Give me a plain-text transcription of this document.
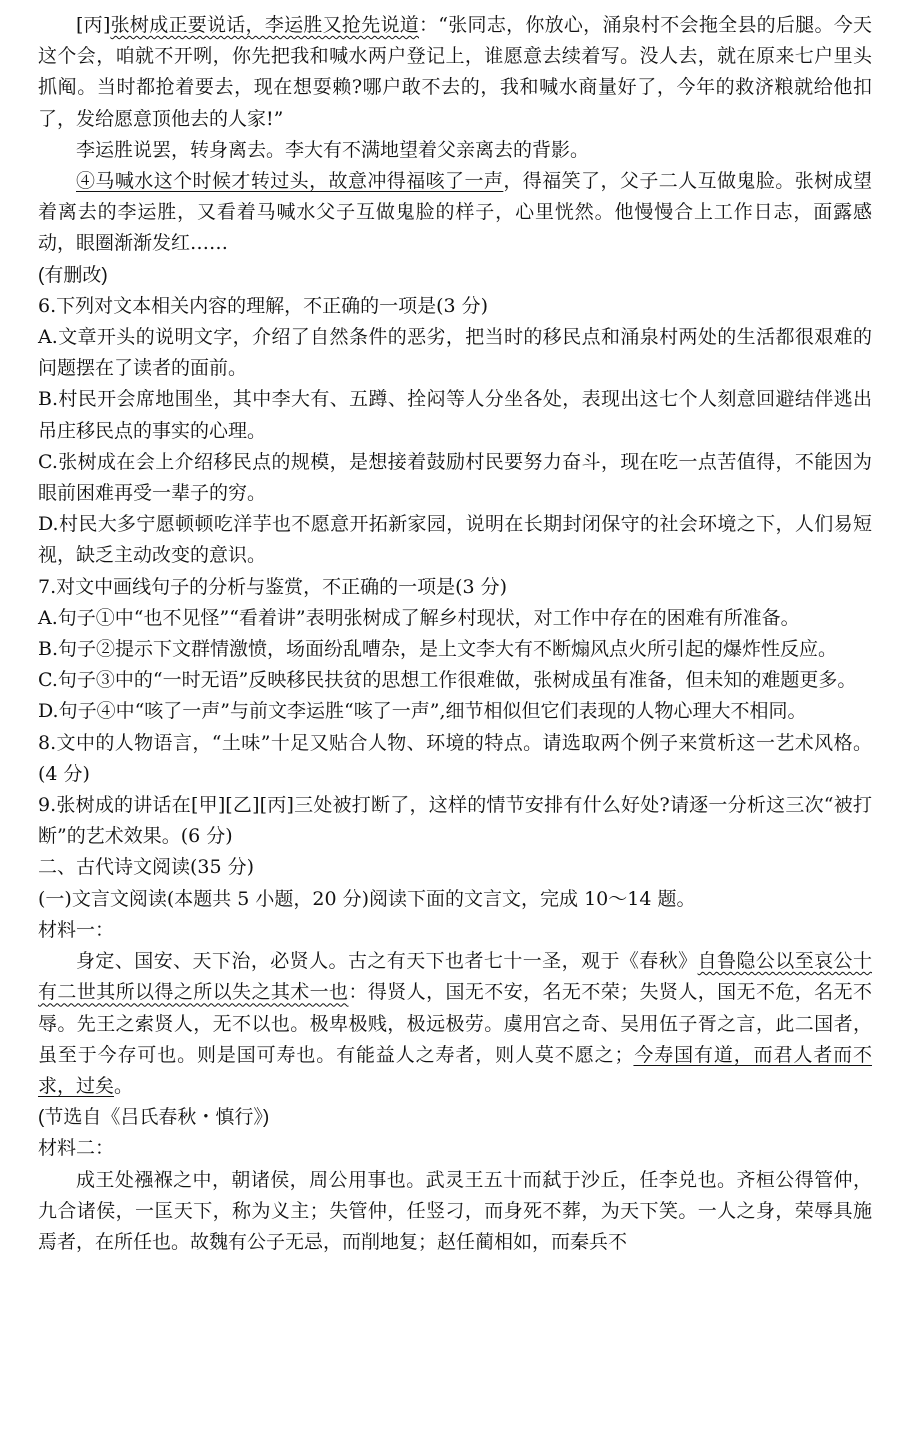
[丙]张树成正要说话，李运胜又抢先说道：“张同志，你放心，涌泉村不会拖全县的后腿。今天这个会，咱就不开咧，你先把我和喊水两户登记上，谁愿意去续着写。没人去，就在原来七户里头抓阄。当时都抢着要去，现在想耍赖?哪户敢不去的，我和喊水商量好了，今年的救济粮就给他扣了，发给愿意顶他去的人家!”

李运胜说罢，转身离去。李大有不满地望着父亲离去的背影。

④马喊水这个时候才转过头，故意冲得福咳了一声，得福笑了，父子二人互做鬼脸。张树成望着离去的李运胜，又看着马喊水父子互做鬼脸的样子，心里恍然。他慢慢合上工作日志，面露感动，眼圈渐渐发红……

(有删改)

6.下列对文本相关内容的理解，不正确的一项是(3 分)

A.文章开头的说明文字，介绍了自然条件的恶劣，把当时的移民点和涌泉村两处的生活都很艰难的问题摆在了读者的面前。

B.村民开会席地围坐，其中李大有、五蹲、拴闷等人分坐各处，表现出这七个人刻意回避结伴逃出吊庄移民点的事实的心理。

C.张树成在会上介绍移民点的规模，是想接着鼓励村民要努力奋斗，现在吃一点苦值得，不能因为眼前困难再受一辈子的穷。

D.村民大多宁愿顿顿吃洋芋也不愿意开拓新家园，说明在长期封闭保守的社会环境之下，人们易短视，缺乏主动改变的意识。

7.对文中画线句子的分析与鉴赏，不正确的一项是(3 分)

A.句子①中“也不见怪”“看着讲”表明张树成了解乡村现状，对工作中存在的困难有所准备。

B.句子②提示下文群情激愤，场面纷乱嘈杂，是上文李大有不断煽风点火所引起的爆炸性反应。

C.句子③中的“一时无语”反映移民扶贫的思想工作很难做，张树成虽有准备，但未知的难题更多。

D.句子④中“咳了一声”与前文李运胜“咳了一声”,细节相似但它们表现的人物心理大不相同。

8.文中的人物语言，“土味”十足又贴合人物、环境的特点。请选取两个例子来赏析这一艺术风格。(4 分)

9.张树成的讲话在[甲][乙][丙]三处被打断了，这样的情节安排有什么好处?请逐一分析这三次“被打断”的艺术效果。(6 分)

二、古代诗文阅读(35 分)

(一)文言文阅读(本题共 5 小题，20 分)阅读下面的文言文，完成 10～14 题。

材料一：

身定、国安、天下治，必贤人。古之有天下也者七十一圣，观于《春秋》自鲁隐公以至哀公十有二世其所以得之所以失之其术一也：得贤人，国无不安，名无不荣；失贤人，国无不危，名无不辱。先王之索贤人，无不以也。极卑极贱，极远极劳。虞用宫之奇、吴用伍子胥之言，此二国者，虽至于今存可也。则是国可寿也。有能益人之寿者，则人莫不愿之；今寿国有道，而君人者而不求，过矣。

(节选自《吕氏春秋・慎行》)

材料二：

成王处襁褓之中，朝诸侯，周公用事也。武灵王五十而弑于沙丘，任李兑也。齐桓公得管仲，九合诸侯，一匡天下，称为义主；失管仲，任竖刁，而身死不葬，为天下笑。一人之身，荣辱具施焉者，在所任也。故魏有公子无忌，而削地复；赵任蔺相如，而秦兵不
